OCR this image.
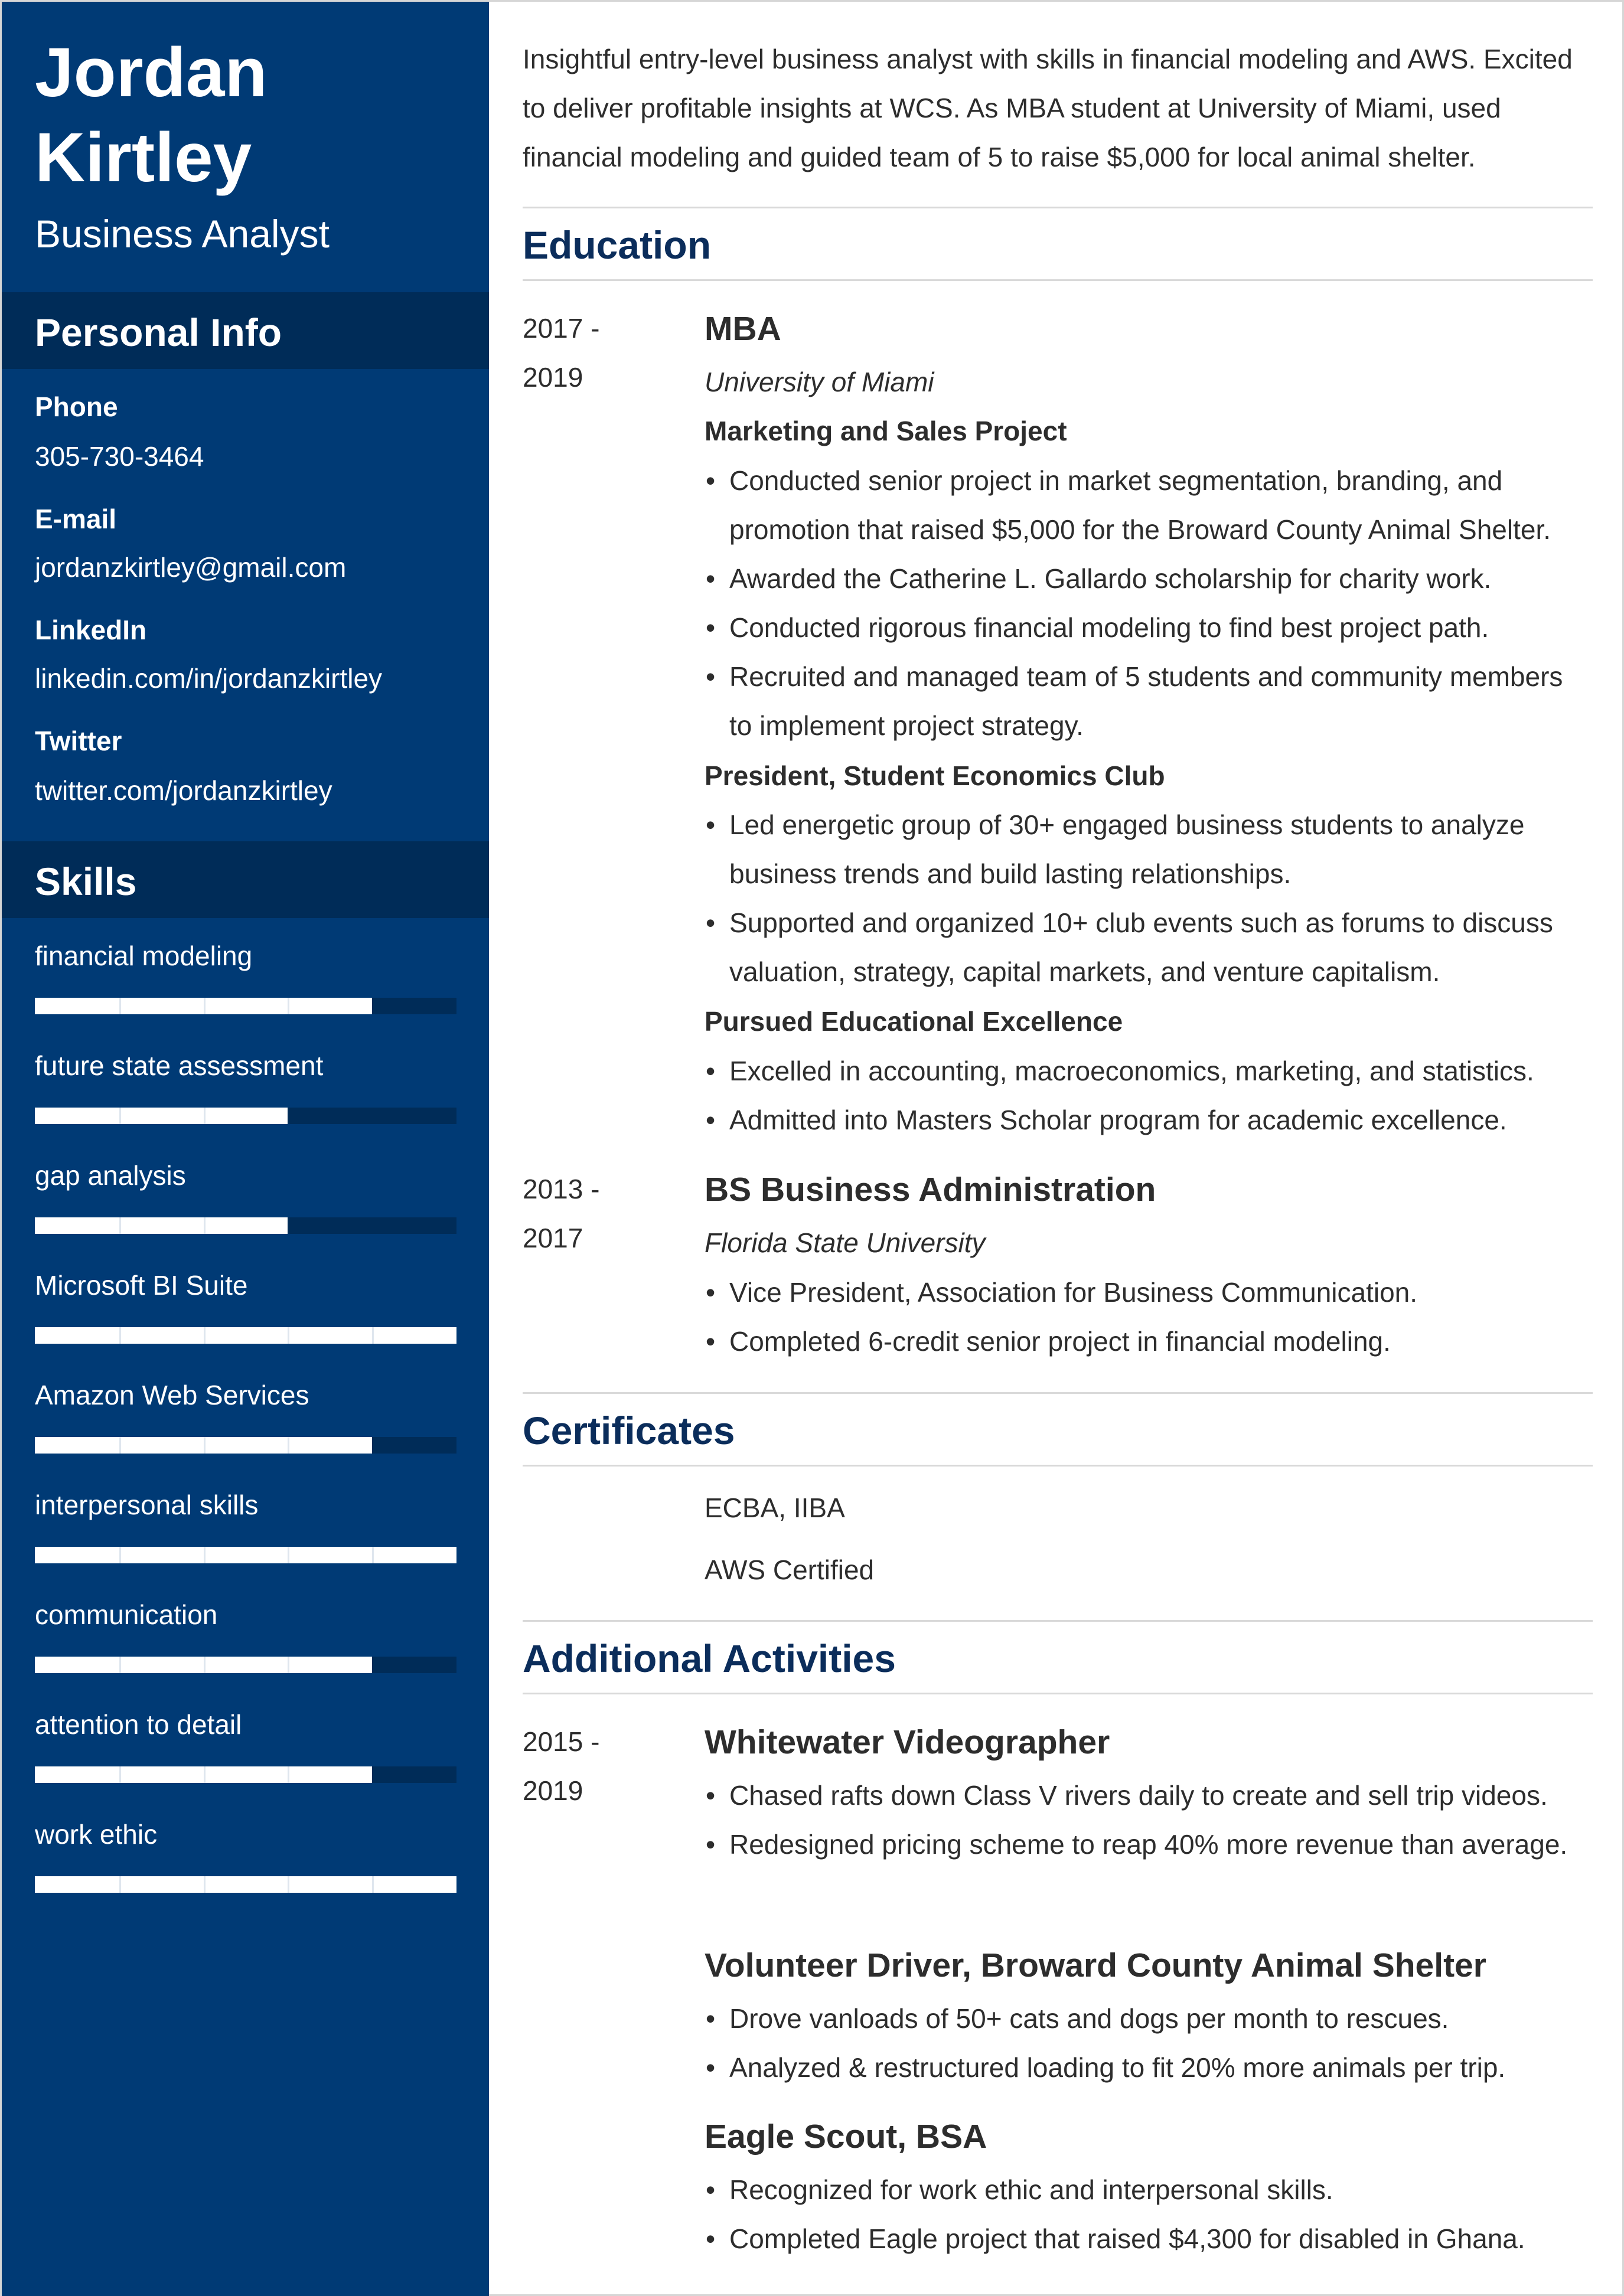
Jordan Kirtley
Business Analyst
Personal Info
Phone
305-730-3464
E-mail
jordanzkirtley@gmail.com
LinkedIn
linkedin.com/in/jordanzkirtley
Twitter
twitter.com/jordanzkirtley
Skills
financial modeling
future state assessment
gap analysis
Microsoft BI Suite
Amazon Web Services
interpersonal skills
communication
attention to detail
work ethic
Insightful entry-level business analyst with skills in financial modeling and AWS. Excited to deliver profitable insights at WCS. As MBA student at University of Miami, used financial modeling and guided team of 5 to raise $5,000 for local animal shelter.
Education
2017 -
2019
MBA
University of Miami
Marketing and Sales Project
• Conducted senior project in market segmentation, branding, and promotion that raised $5,000 for the Broward County Animal Shelter.
• Awarded the Catherine L. Gallardo scholarship for charity work.
• Conducted rigorous financial modeling to find best project path.
• Recruited and managed team of 5 students and community members to implement project strategy.
President, Student Economics Club
• Led energetic group of 30+ engaged business students to analyze business trends and build lasting relationships.
• Supported and organized 10+ club events such as forums to discuss valuation, strategy, capital markets, and venture capitalism.
Pursued Educational Excellence
• Excelled in accounting, macroeconomics, marketing, and statistics.
• Admitted into Masters Scholar program for academic excellence.
2013 -
2017
BS Business Administration
Florida State University
• Vice President, Association for Business Communication.
• Completed 6-credit senior project in financial modeling.
Certificates
ECBA, IIBA
AWS Certified
Additional Activities
2015 -
2019
Whitewater Videographer
• Chased rafts down Class V rivers daily to create and sell trip videos.
• Redesigned pricing scheme to reap 40% more revenue than average.
Volunteer Driver, Broward County Animal Shelter
• Drove vanloads of 50+ cats and dogs per month to rescues.
• Analyzed & restructured loading to fit 20% more animals per trip.
Eagle Scout, BSA
• Recognized for work ethic and interpersonal skills.
• Completed Eagle project that raised $4,300 for disabled in Ghana.
